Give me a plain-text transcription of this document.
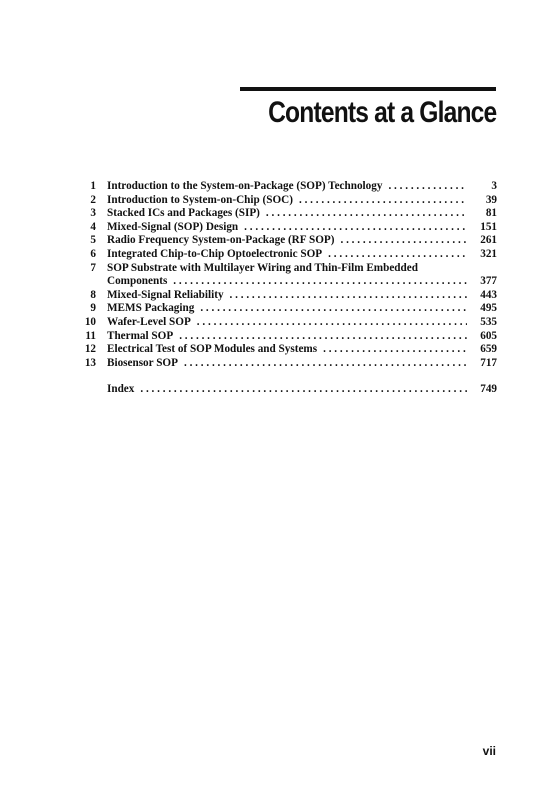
Contents at a Glance
1 Introduction to the System-on-Package (SOP) Technology . . .	3
2 Introduction to System-on-Chip (SOC) . . .	39
3 Stacked ICs and Packages (SIP) . . .	81
4 Mixed-Signal (SOP) Design . . .	151
5 Radio Frequency System-on-Package (RF SOP) . . .	261
6 Integrated Chip-to-Chip Optoelectronic SOP . . .	321
7 SOP Substrate with Multilayer Wiring and Thin-Film Embedded
Components . . .	377
8 Mixed-Signal Reliability . . .	443
9 MEMS Packaging . . .	495
10 Wafer-Level SOP . . .	535
11 Thermal SOP . . .	605
12 Electrical Test of SOP Modules and Systems . . .	659
13 Biosensor SOP . . .	717
Index . . .	749
vii
